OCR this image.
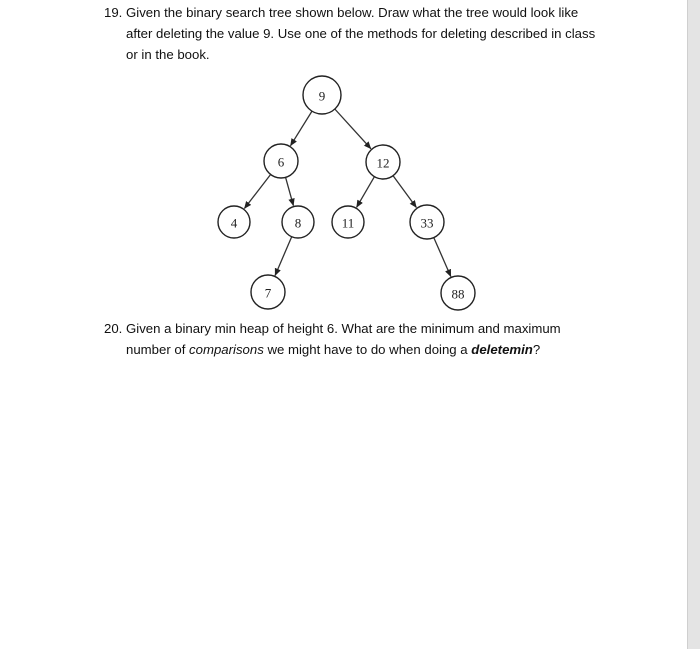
19. Given the binary search tree shown below. Draw what the tree would look like
after deleting the value 9. Use one of the methods for deleting described in class
or in the book.
9
6	12
4	8	11	33
7	88
20. Given a binary min heap of height 6. What are the minimum and maximum
number of comparisons we might have to do when doing a deletemin?
